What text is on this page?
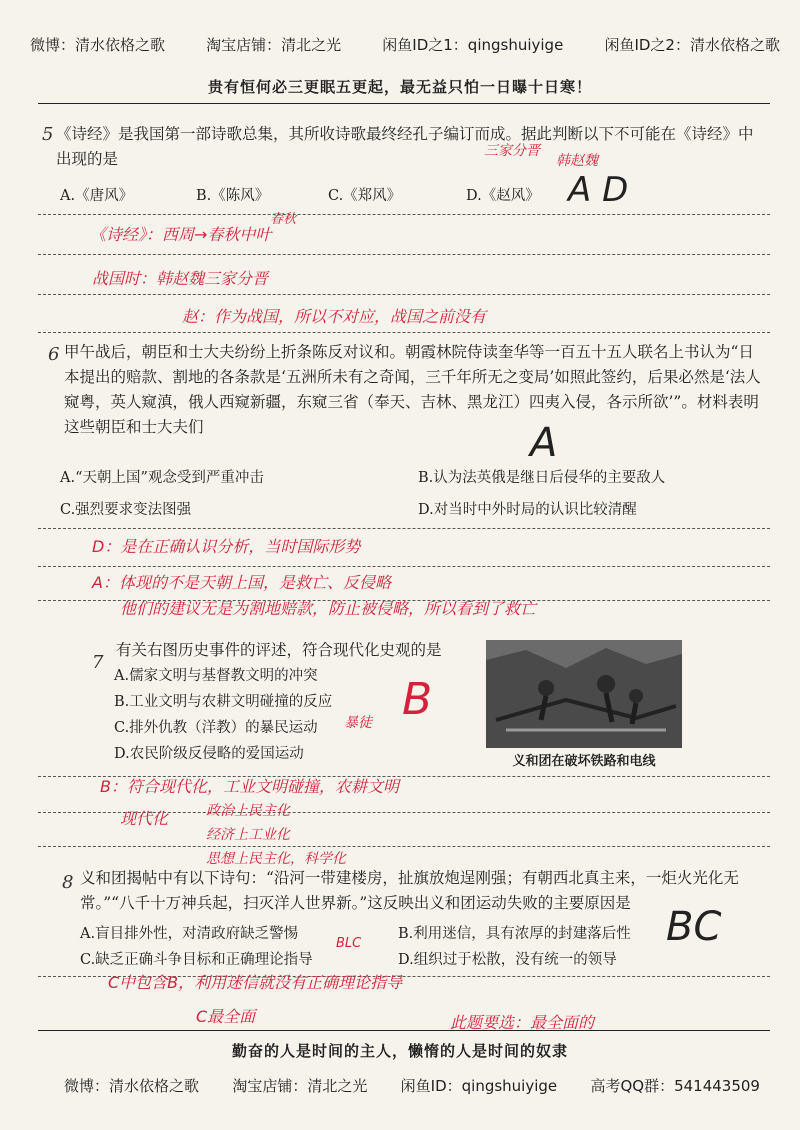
微博：清水依格之歌	淘宝店铺：清北之光	闲鱼ID之1：qingshuiyige	闲鱼ID之2：清水依格之歌
贵有恒何必三更眠五更起，最无益只怕一日曝十日寒！
5 《诗经》是我国第一部诗歌总集，其所收诗歌最终经孔子编订而成。据此判断以下不可能在《诗经》中出现的是
A.《唐风》	B.《陈风》	C.《郑风》	D.《赵风》
三家分晋
韩赵魏
A D
《诗经》：西周→春秋中叶
春秋
战国时：韩赵魏三家分晋
赵：作为战国，所以不对应，战国之前没有
6 甲午战后，朝臣和士大夫纷纷上折条陈反对议和。朝霞林院侍读奎华等一百五十五人联名上书认为“日本提出的赔款、割地的各条款是‘五洲所未有之奇闻，三千年所无之变局’如照此签约，后果必然是‘法人窥粤，英人窥滇，俄人西窥新疆，东窥三省（奉天、吉林、黑龙江）四夷入侵，各示所欲’”。材料表明这些朝臣和士大夫们
A.“天朝上国”观念受到严重冲击	B.认为法英俄是继日后侵华的主要敌人
C.强烈要求变法图强	D.对当时中外时局的认识比较清醒
A
D：是在正确认识分析，当时国际形势
A：体现的不是天朝上国，是救亡、反侵略
他们的建议无是为割地赔款，防止被侵略，所以看到了救亡
7
有关右图历史事件的评述，符合现代化史观的是
A.儒家文明与基督教文明的冲突
B.工业文明与农耕文明碰撞的反应
C.排外仇教（洋教）的暴民运动
D.农民阶级反侵略的爱国运动
暴徒 B
义和团在破坏铁路和电线
B：符合现代化，工业文明碰撞，农耕文明
现代化	政治上民主化
经济上工业化
思想上民主化，科学化
8 义和团揭帖中有以下诗句：“沿河一带建楼房，扯旗放炮逞刚强；有朝西北真主来，一炬火光化无常。”“八千十万神兵起，扫灭洋人世界新。”这反映出义和团运动失败的主要原因是
A.盲目排外性，对清政府缺乏警惕	B.利用迷信，具有浓厚的封建落后性
C.缺乏正确斗争目标和正确理论指导	D.组织过于松散，没有统一的领导
BLC	BC
C中包含B，利用迷信就没有正确理论指导
C最全面	此题要选：最全面的
勤奋的人是时间的主人，懒惰的人是时间的奴隶
微博：清水依格之歌 淘宝店铺：清北之光 闲鱼ID：qingshuiyige 高考QQ群：541443509
